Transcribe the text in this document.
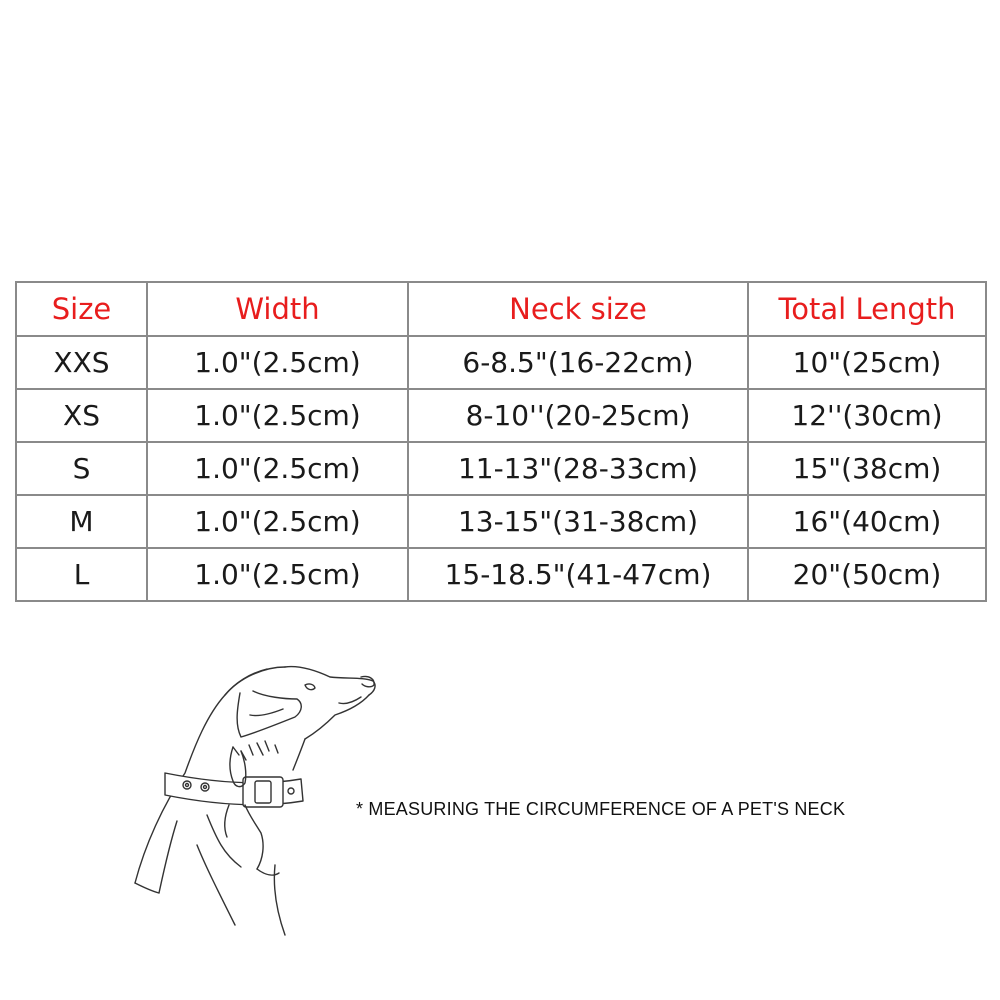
Size	Width	Neck size	Total Length
XXS	1.0"(2.5cm)	6-8.5"(16-22cm)	10"(25cm)
XS	1.0"(2.5cm)	8-10''(20-25cm)	12''(30cm)
S	1.0"(2.5cm)	11-13"(28-33cm)	15"(38cm)
M	1.0"(2.5cm)	13-15"(31-38cm)	16"(40cm)
L	1.0"(2.5cm)	15-18.5"(41-47cm)	20"(50cm)
* MEASURING THE CIRCUMFERENCE OF A PET'S NECK
